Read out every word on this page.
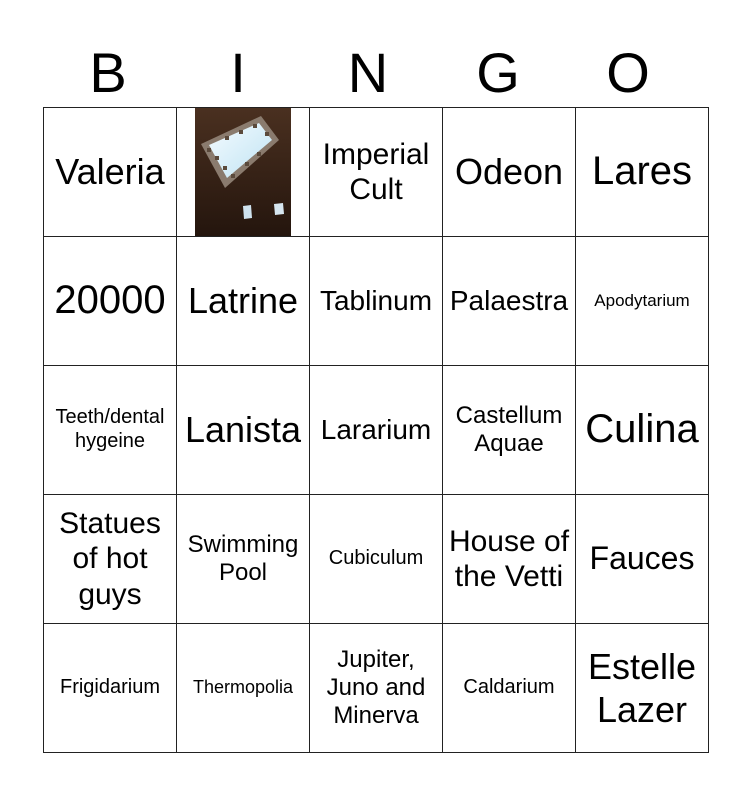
B	I	N	G	O
Valeria		Imperial Cult	Odeon	Lares
20000	Latrine	Tablinum	Palaestra	Apodytarium
Teeth/dental hygeine	Lanista	Lararium	Castellum Aquae	Culina
Statues of hot guys	Swimming Pool	Cubiculum	House of the Vetti	Fauces
Frigidarium	Thermopolia	Jupiter, Juno and Minerva	Caldarium	Estelle Lazer
